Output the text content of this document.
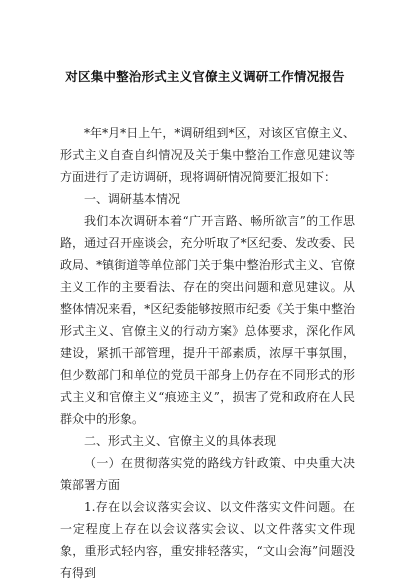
对区集中整治形式主义官僚主义调研工作情况报告

*年*月*日上午，*调研组到*区，对该区官僚主义、形式主义自查自纠情况及关于集中整治工作意见建议等方面进行了走访调研，现将调研情况简要汇报如下：

一、调研基本情况

我们本次调研本着“广开言路、畅所欲言”的工作思路，通过召开座谈会，充分听取了*区纪委、发改委、民政局、*镇街道等单位部门关于集中整治形式主义、官僚主义工作的主要看法、存在的突出问题和意见建议。从整体情况来看，*区纪委能够按照市纪委《关于集中整治形式主义、官僚主义的行动方案》总体要求，深化作风建设，紧抓干部管理，提升干部素质，浓厚干事氛围，但少数部门和单位的党员干部身上仍存在不同形式的形式主义和官僚主义“痕迹主义”，损害了党和政府在人民群众中的形象。

二、形式主义、官僚主义的具体表现

（一）在贯彻落实党的路线方针政策、中央重大决策部署方面

1.存在以会议落实会议、以文件落实文件问题。在一定程度上存在以会议落实会议、以文件落实文件现象，重形式轻内容，重安排轻落实，“文山会海”问题没有得到
